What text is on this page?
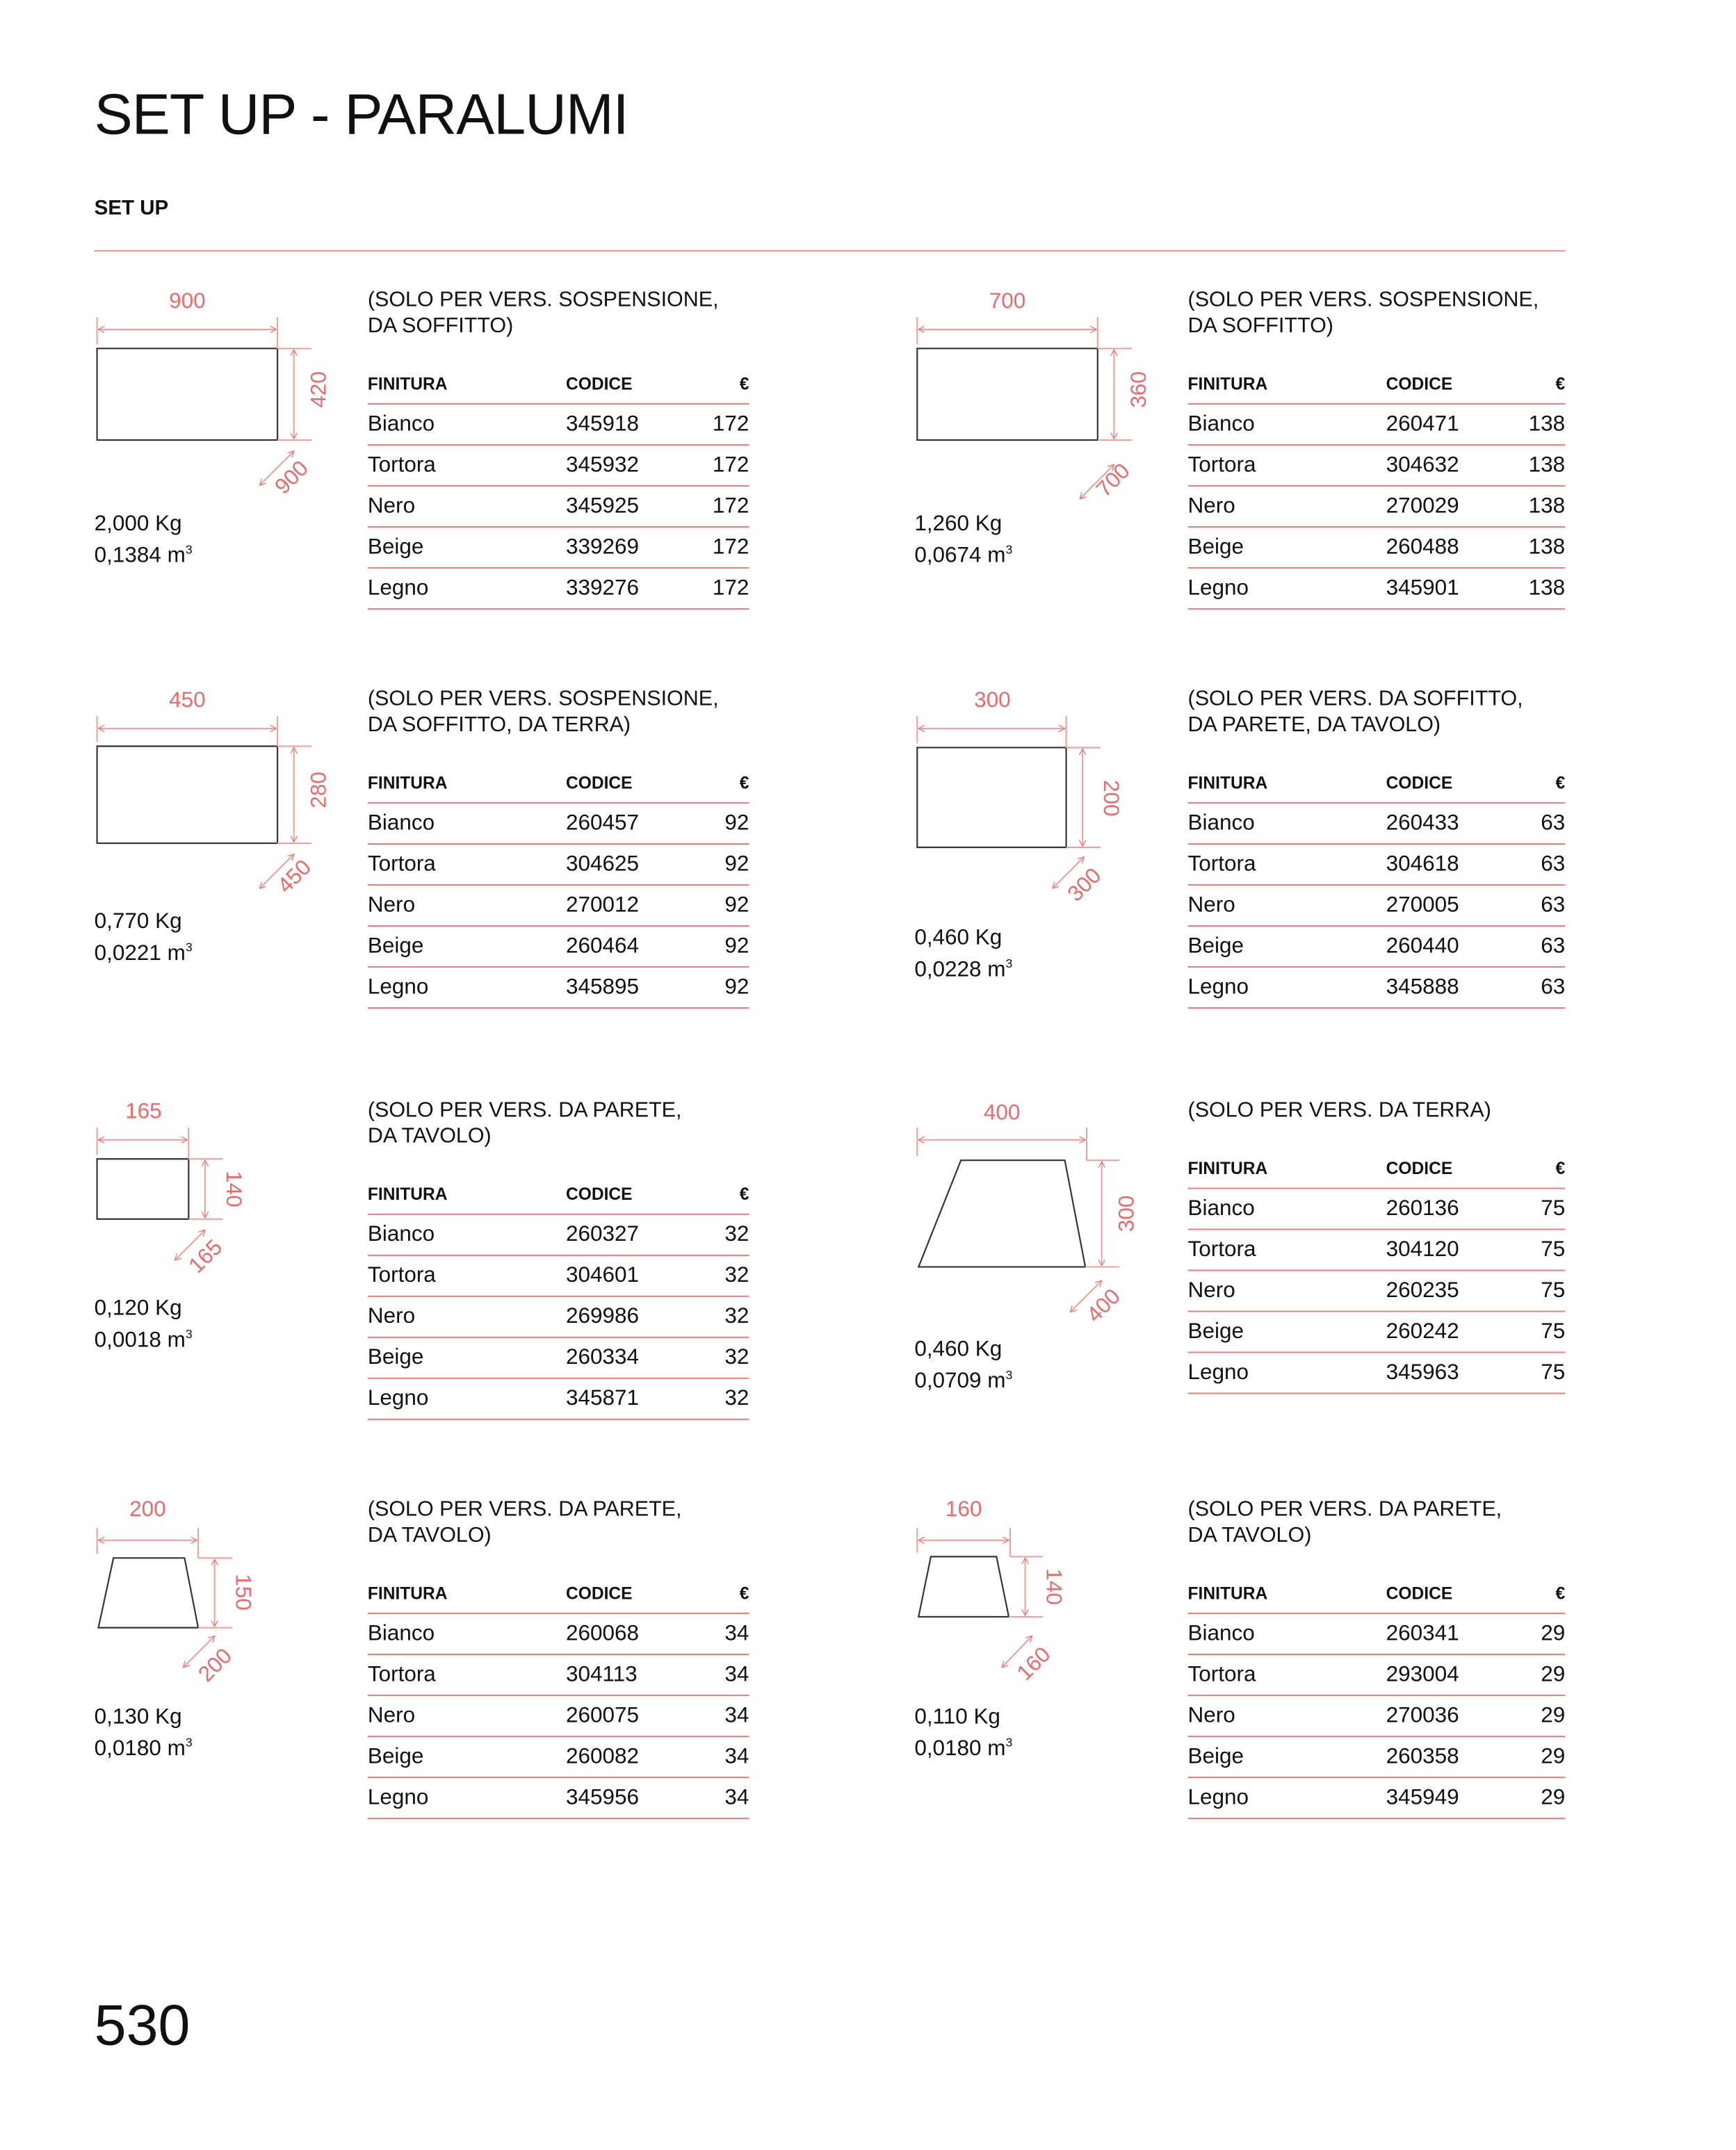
SET UP - PARALUMI
SET UP
(SOLO PER VERS. SOSPENSIONE,
DA SOFFITTO)
FINITURA	CODICE	€
Bianco	345918	172
Tortora	345932	172
Nero	345925	172
Beige	339269	172
Legno	339276	172
2,000 Kg
0,1384 $m^3$
(SOLO PER VERS. SOSPENSIONE,
DA SOFFITTO)
FINITURA	CODICE	€
Bianco	260471	138
Tortora	304632	138
Nero	270029	138
Beige	260488	138
Legno	345901	138
1,260 Kg
0,0674 $m^3$
(SOLO PER VERS. SOSPENSIONE,
DA SOFFITTO, DA TERRA)
FINITURA	CODICE	€
Bianco	260457	92
Tortora	304625	92
Nero	270012	92
Beige	260464	92
Legno	345895	92
0,770 Kg
0,0221 $m^3$
(SOLO PER VERS. DA SOFFITTO,
DA PARETE, DA TAVOLO)
FINITURA	CODICE	€
Bianco	260433	63
Tortora	304618	63
Nero	270005	63
Beige	260440	63
Legno	345888	63
0,460 Kg
0,0228 $m^3$
(SOLO PER VERS. DA PARETE,
DA TAVOLO)
FINITURA	CODICE	€
Bianco	260327	32
Tortora	304601	32
Nero	269986	32
Beige	260334	32
Legno	345871	32
0,120 Kg
0,0018 $m^3$
(SOLO PER VERS. DA TERRA)
FINITURA	CODICE	€
Bianco	260136	75
Tortora	304120	75
Nero	260235	75
Beige	260242	75
Legno	345963	75
0,460 Kg
0,0709 $m^3$
(SOLO PER VERS. DA PARETE,
DA TAVOLO)
FINITURA	CODICE	€
Bianco	260068	34
Tortora	304113	34
Nero	260075	34
Beige	260082	34
Legno	345956	34
0,130 Kg
0,0180 $m^3$
(SOLO PER VERS. DA PARETE,
DA TAVOLO)
FINITURA	CODICE	€
Bianco	260341	29
Tortora	293004	29
Nero	270036	29
Beige	260358	29
Legno	345949	29
0,110 Kg
0,0180 $m^3$
900
420
900
700
360
700
450
280
450
300
200
300
165
140
165
400
300
400
200
150
200
160
140
160
530
